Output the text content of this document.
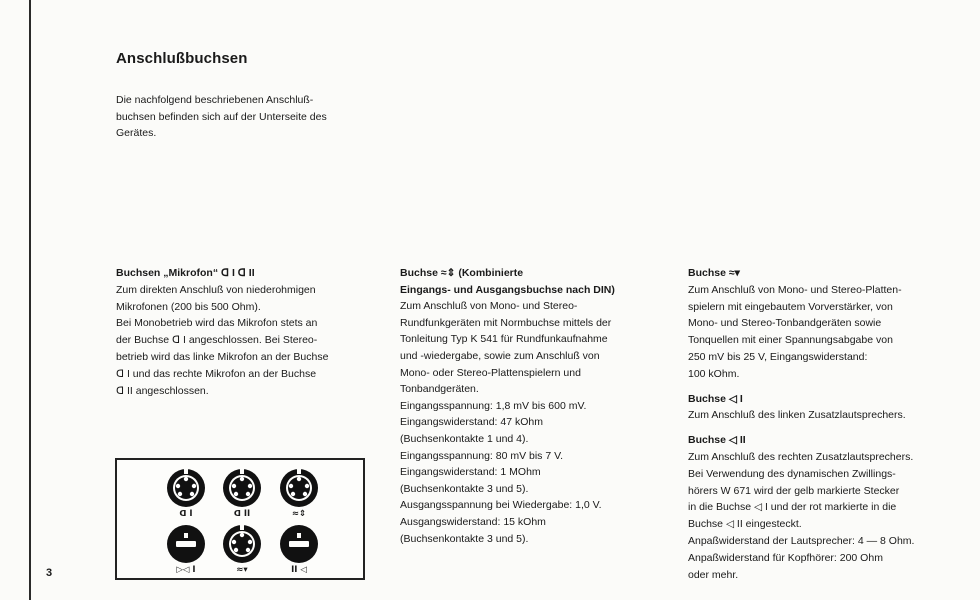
3
Anschlußbuchsen
Die nachfolgend beschriebenen Anschluß-
buchsen befinden sich auf der Unterseite des
Gerätes.

Buchsen „Mikrofon“ ᗡ I ᗡ II

Zum direkten Anschluß von niederohmigen

Mikrofonen (200 bis 500 Ohm).

Bei Monobetrieb wird das Mikrofon stets an

der Buchse ᗡ I angeschlossen. Bei Stereo-

betrieb wird das linke Mikrofon an der Buchse

ᗡ I und das rechte Mikrofon an der Buchse

ᗡ II angeschlossen.

Buchse ≈⇕ (Kombinierte

Eingangs- und Ausgangsbuchse nach DIN)

Zum Anschluß von Mono- und Stereo-

Rundfunkgeräten mit Normbuchse mittels der

Tonleitung Typ K 541 für Rundfunkaufnahme

und -wiedergabe, sowie zum Anschluß von

Mono- oder Stereo-Plattenspielern und

Tonbandgeräten.

Eingangsspannung: 1,8 mV bis 600 mV.

Eingangswiderstand: 47 kOhm

(Buchsenkontakte 1 und 4).

Eingangsspannung: 80 mV bis 7 V.

Eingangswiderstand: 1 MOhm

(Buchsenkontakte 3 und 5).

Ausgangsspannung bei Wiedergabe: 1,0 V.

Ausgangswiderstand: 15 kOhm

(Buchsenkontakte 3 und 5).

Buchse ≈▾

Zum Anschluß von Mono- und Stereo-Platten-

spielern mit eingebautem Vorverstärker, von

Mono- und Stereo-Tonbandgeräten sowie

Tonquellen mit einer Spannungsabgabe von

250 mV bis 25 V, Eingangswiderstand:

100 kOhm.

Buchse ◁ I

Zum Anschluß des linken Zusatzlautsprechers.

Buchse ◁ II

Zum Anschluß des rechten Zusatzlautsprechers.

Bei Verwendung des dynamischen Zwillings-

hörers W 671 wird der gelb markierte Stecker

in die Buchse ◁ I und der rot markierte in die

Buchse ◁ II eingesteckt.

Anpaßwiderstand der Lautsprecher: 4 — 8 Ohm.

Anpaßwiderstand für Kopfhörer: 200 Ohm

oder mehr.

ᗡ I	ᗡ II	≈⇕
▷◁ I	≈▾	II ◁
